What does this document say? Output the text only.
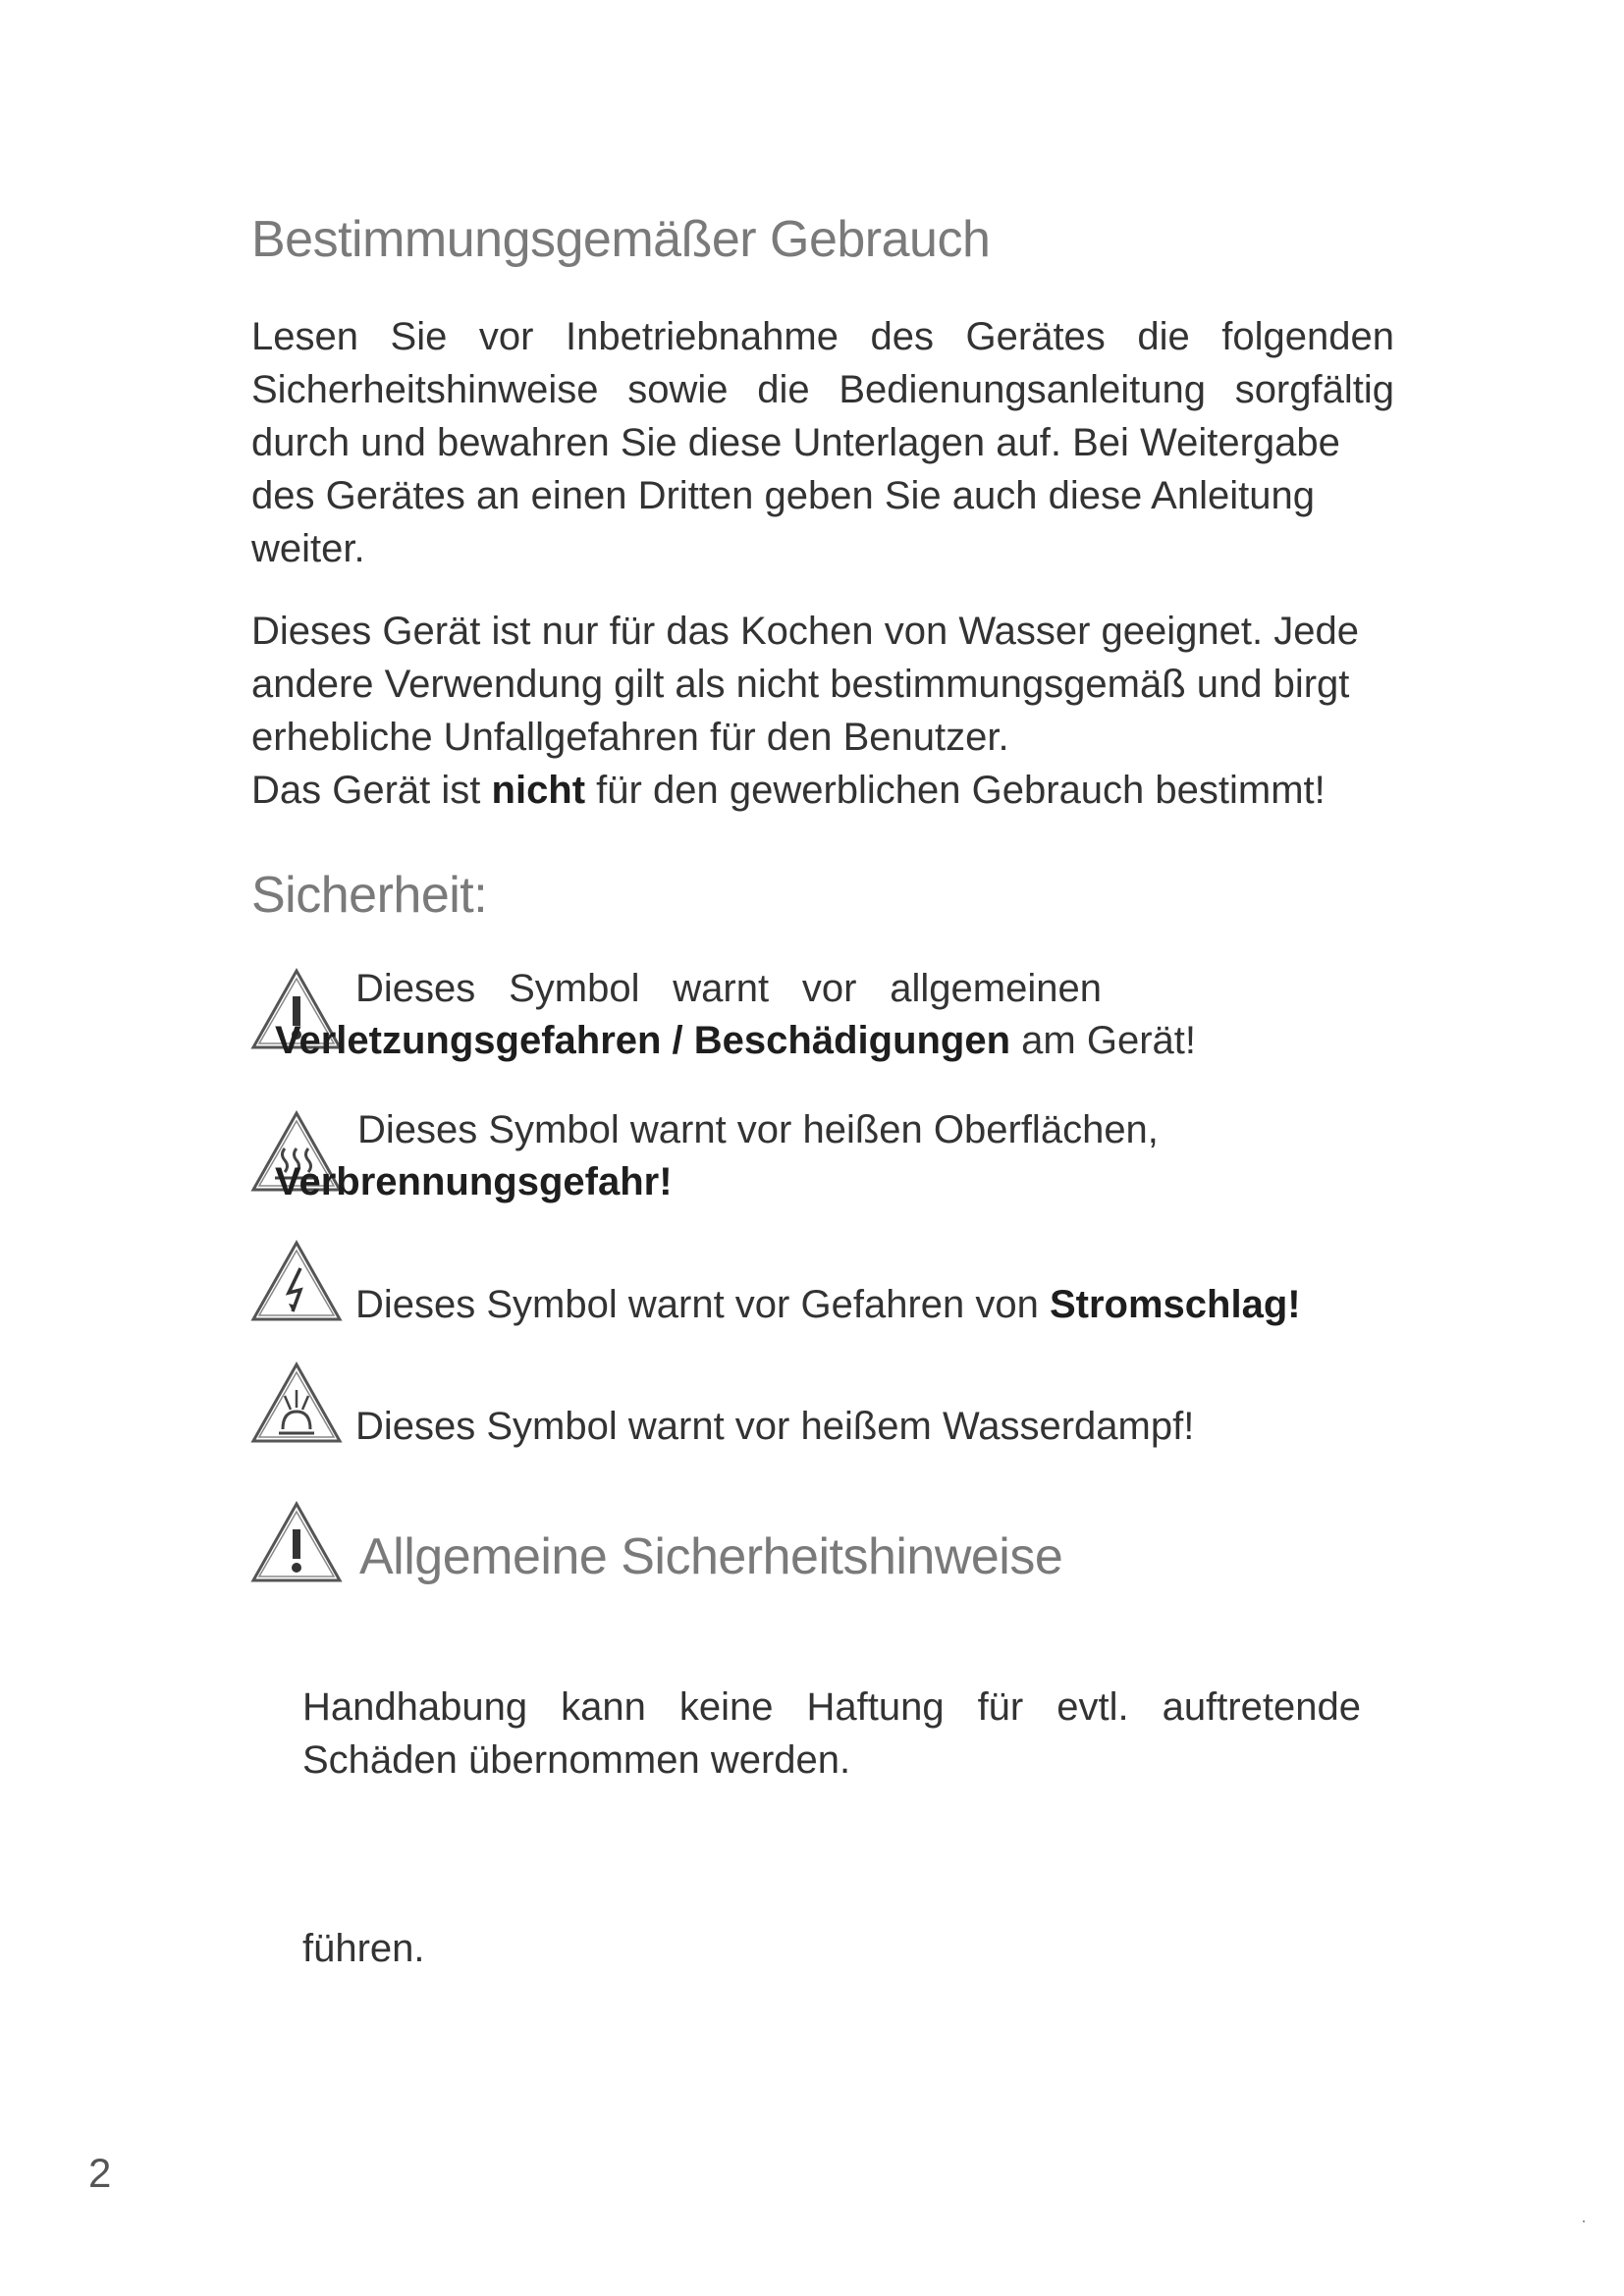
Bestimmungsgemäßer Gebrauch
Lesen Sie vor Inbetriebnahme des Gerätes die folgenden
Sicherheitshinweise sowie die Bedienungsanleitung sorgfältig
durch und bewahren Sie diese Unterlagen auf. Bei Weitergabe
des Gerätes an einen Dritten geben Sie auch diese Anleitung
weiter.
Dieses Gerät ist nur für das Kochen von Wasser geeignet. Jede
andere Verwendung gilt als nicht bestimmungsgemäß und birgt
erhebliche Unfallgefahren für den Benutzer.
Das Gerät ist nicht für den gewerblichen Gebrauch bestimmt!
Sicherheit:
Dieses Symbol warnt vor allgemeinen
Verletzungsgefahren / Beschädigungen am Gerät!
Dieses Symbol warnt vor heißen Oberflächen,
Verbrennungsgefahr!
Dieses Symbol warnt vor Gefahren von Stromschlag!
Dieses Symbol warnt vor heißem Wasserdampf!
Allgemeine Sicherheitshinweise
Handhabung kann keine Haftung für evtl. auftretende
Schäden übernommen werden.
führen.
2
